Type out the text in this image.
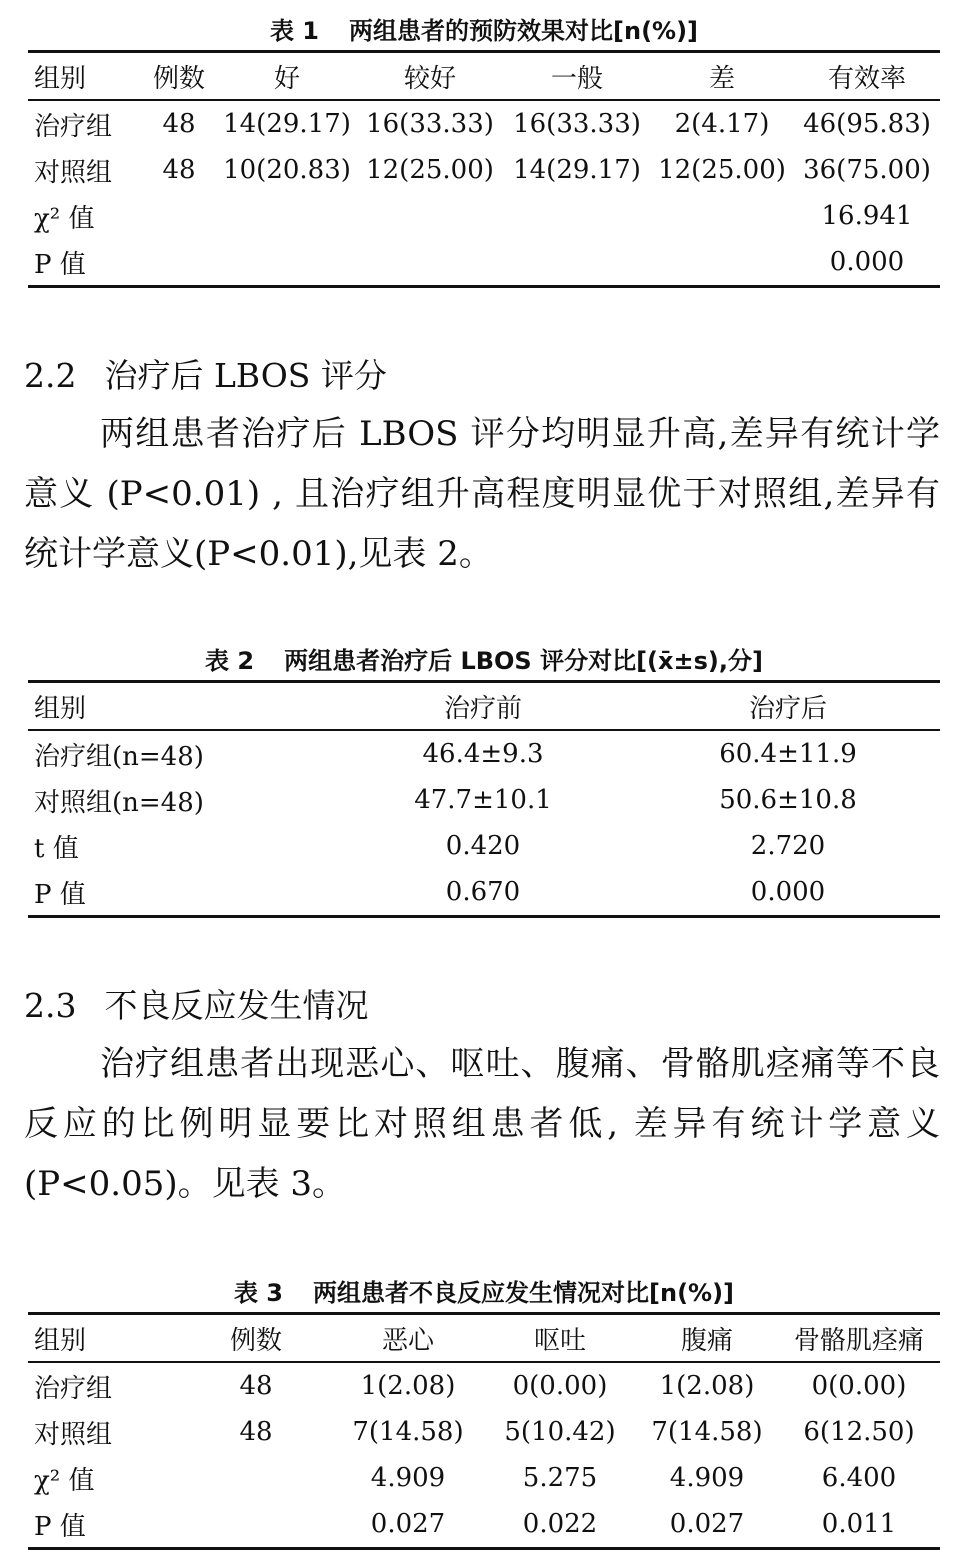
表 1 两组患者的预防效果对比[n(%)]
组别	例数	好	较好	一般	差	有效率
治疗组	48	14(29.17)	16(33.33)	16(33.33)	2(4.17)	46(95.83)
对照组	48	10(20.83)	12(25.00)	14(29.17)	12(25.00)	36(75.00)
χ² 值						16.941
P 值						0.000
2.2 治疗后 LBOS 评分

两组患者治疗后 LBOS 评分均明显升高,差异有统计学意义 (P<0.01) , 且治疗组升高程度明显优于对照组,差异有统计学意义(P<0.01),见表 2。

表 2 两组患者治疗后 LBOS 评分对比[(x̄±s),分]
组别	治疗前	治疗后
治疗组(n=48)	46.4±9.3	60.4±11.9
对照组(n=48)	47.7±10.1	50.6±10.8
t 值	0.420	2.720
P 值	0.670	0.000
2.3 不良反应发生情况

治疗组患者出现恶心、呕吐、腹痛、骨骼肌痉痛等不良反应的比例明显要比对照组患者低, 差异有统计学意义(P<0.05)。见表 3。

表 3 两组患者不良反应发生情况对比[n(%)]
组别	例数	恶心	呕吐	腹痛	骨骼肌痉痛
治疗组	48	1(2.08)	0(0.00)	1(2.08)	0(0.00)
对照组	48	7(14.58)	5(10.42)	7(14.58)	6(12.50)
χ² 值		4.909	5.275	4.909	6.400
P 值		0.027	0.022	0.027	0.011
